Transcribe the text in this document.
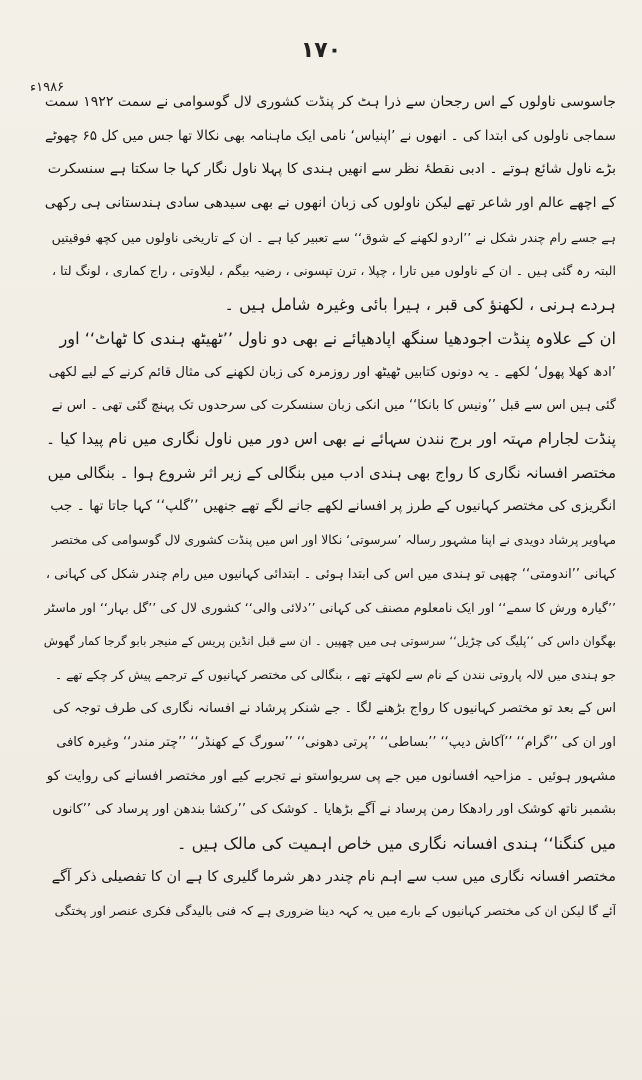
۱۷۰
۱۹۸۶ء
جاسوسی ناولوں کے اس رجحان سے ذرا ہٹ کر پنڈت کشوری لال گوسوامی نے سمت ۱۹۲۲ سمت
سماجی ناولوں کی ابتدا کی ۔ انھوں نے ’اپنیاس‘ نامی ایک ماہنامہ بھی نکالا تھا جس میں کل ۶۵ چھوٹے
بڑے ناول شائع ہوتے ۔ ادبی نقطۂ نظر سے انھیں ہندی کا پہلا ناول نگار کہا جا سکتا ہے سنسکرت
کے اچھے عالم اور شاعر تھے لیکن ناولوں کی زبان انھوں نے بھی سیدھی سادی ہندستانی ہی رکھی
ہے جسے رام چندر شکل نے ’’اردو لکھنے کے شوق‘‘ سے تعبیر کیا ہے ۔ ان کے تاریخی ناولوں میں کچھ فوقیتیں
البتہ رہ گئی ہیں ۔ ان کے ناولوں میں تارا ، چپلا ، ترن تپسونی ، رضیہ بیگم ، لیلاوتی ، راج کماری ، لونگ لتا ،
ہردے ہرنی ، لکھنؤ کی قبر ، ہیرا بائی وغیرہ شامل ہیں ۔
ان کے علاوہ پنڈت اجودھیا سنگھ اپادھیائے نے بھی دو ناول ’’ٹھیٹھ ہندی کا ٹھاٹ‘‘ اور
’ادھ کھلا پھول‘ لکھے ۔ یہ دونوں کتابیں ٹھیٹھ اور روزمرہ کی زبان لکھنے کی مثال قائم کرنے کے لیے لکھی
گئی ہیں اس سے قبل ’’ونیس کا بانکا‘‘ میں انکی زبان سنسکرت کی سرحدوں تک پہنچ گئی تھی ۔ اس نے
پنڈت لجارام مہتہ اور برج نندن سہائے نے بھی اس دور میں ناول نگاری میں نام پیدا کیا ۔
مختصر افسانہ نگاری کا رواج بھی ہندی ادب میں بنگالی کے زیر اثر شروع ہوا ۔ بنگالی میں
انگریزی کی مختصر کہانیوں کے طرز پر افسانے لکھے جانے لگے تھے جنھیں ’’گلپ‘‘ کہا جاتا تھا ۔ جب
مہاویر پرشاد دویدی نے اپنا مشہور رسالہ ’سرسوتی‘ نکالا اور اس میں پنڈت کشوری لال گوسوامی کی مختصر
کہانی ’’اندومتی‘‘ چھپی تو ہندی میں اس کی ابتدا ہوئی ۔ ابتدائی کہانیوں میں رام چندر شکل کی کہانی ،
’’گیارہ ورش کا سمے‘‘ اور ایک نامعلوم مصنف کی کہانی ’’دلائی والی‘‘ کشوری لال کی ’’گل بہار‘‘ اور ماسٹر
بھگوان داس کی ’’پلیگ کی چڑیل‘‘ سرسوتی ہی میں چھپیں ۔ ان سے قبل انڈین پریس کے منیجر بابو گرجا کمار گھوش
جو ہندی میں لالہ پاروتی نندن کے نام سے لکھتے تھے ، بنگالی کی مختصر کہانیوں کے ترجمے پیش کر چکے تھے ۔
اس کے بعد تو مختصر کہانیوں کا رواج بڑھنے لگا ۔ جے شنکر پرشاد نے افسانہ نگاری کی طرف توجہ کی
اور ان کی ’’گرام‘‘ ’’آکاش دیپ‘‘ ’’بساطی‘‘ ’’پرتی دھونی‘‘ ’’سورگ کے کھنڈر‘‘ ’’چتر مندر‘‘ وغیرہ کافی
مشہور ہوئیں ۔ مزاحیہ افسانوں میں جے پی سریواستو نے تجربے کیے اور مختصر افسانے کی روایت کو
بشمبر ناتھ کوشک اور رادھکا رمن پرساد نے آگے بڑھایا ۔ کوشک کی ’’رکشا بندھن اور پرساد کی ’’کانوں
میں کنگنا‘‘ ہندی افسانہ نگاری میں خاص اہمیت کی مالک ہیں ۔
مختصر افسانہ نگاری میں سب سے اہم نام چندر دھر شرما گلیری کا ہے ان کا تفصیلی ذکر آگے
آئے گا لیکن ان کی مختصر کہانیوں کے بارے میں یہ کہہ دینا ضروری ہے کہ فنی بالیدگی فکری عنصر اور پختگی
